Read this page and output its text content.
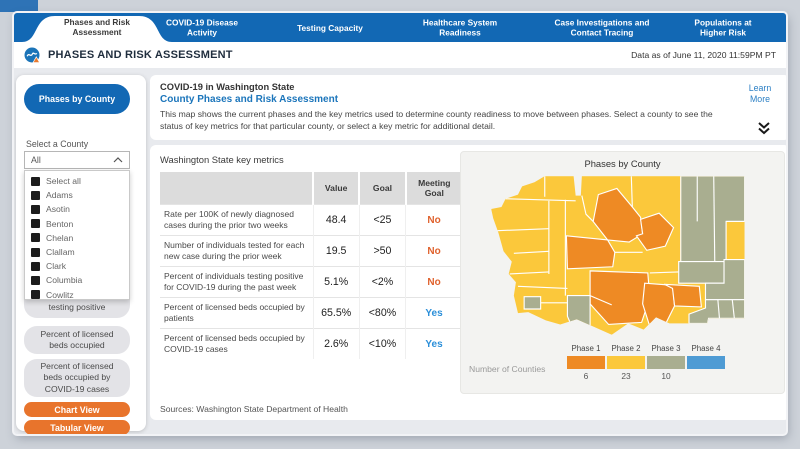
Phases and Risk Assessment
COVID-19 Disease Activity
Testing Capacity
Healthcare System Readiness
Case Investigations and Contact Tracing
Populations at Higher Risk
PHASES AND RISK ASSESSMENT	Data as of June 11, 2020 11:59PM PT
Phases by County
Select a County
All
Select all
Adams
Asotin
Benton
Chelan
Clallam
Clark
Columbia
Cowlitz
testing positive
Percent of licensed beds occupied
Percent of licensed beds occupied by COVID-19 cases
Chart View
Tabular View
COVID-19 in Washington State
County Phases and Risk Assessment
This map shows the current phases and the key metrics used to determine county readiness to move between phases. Select a county to see the status of key metrics for that particular county, or select a key metric for additional detail.
Learn More
Washington State key metrics
	Value	Goal	Meeting Goal
Rate per 100K of newly diagnosed cases during the prior two weeks	48.4	<25	No
Number of individuals tested for each new case during the prior week	19.5	>50	No
Percent of individuals testing positive for COVID-19 during the past week	5.1%	<2%	No
Percent of licensed beds occupied by patients	65.5%	<80%	Yes
Percent of licensed beds occupied by COVID-19 cases	2.6%	<10%	Yes
Phases by County
Phase 1
6
Phase 2
23
Phase 3
10
Phase 4
Number of Counties
Sources: Washington State Department of Health
